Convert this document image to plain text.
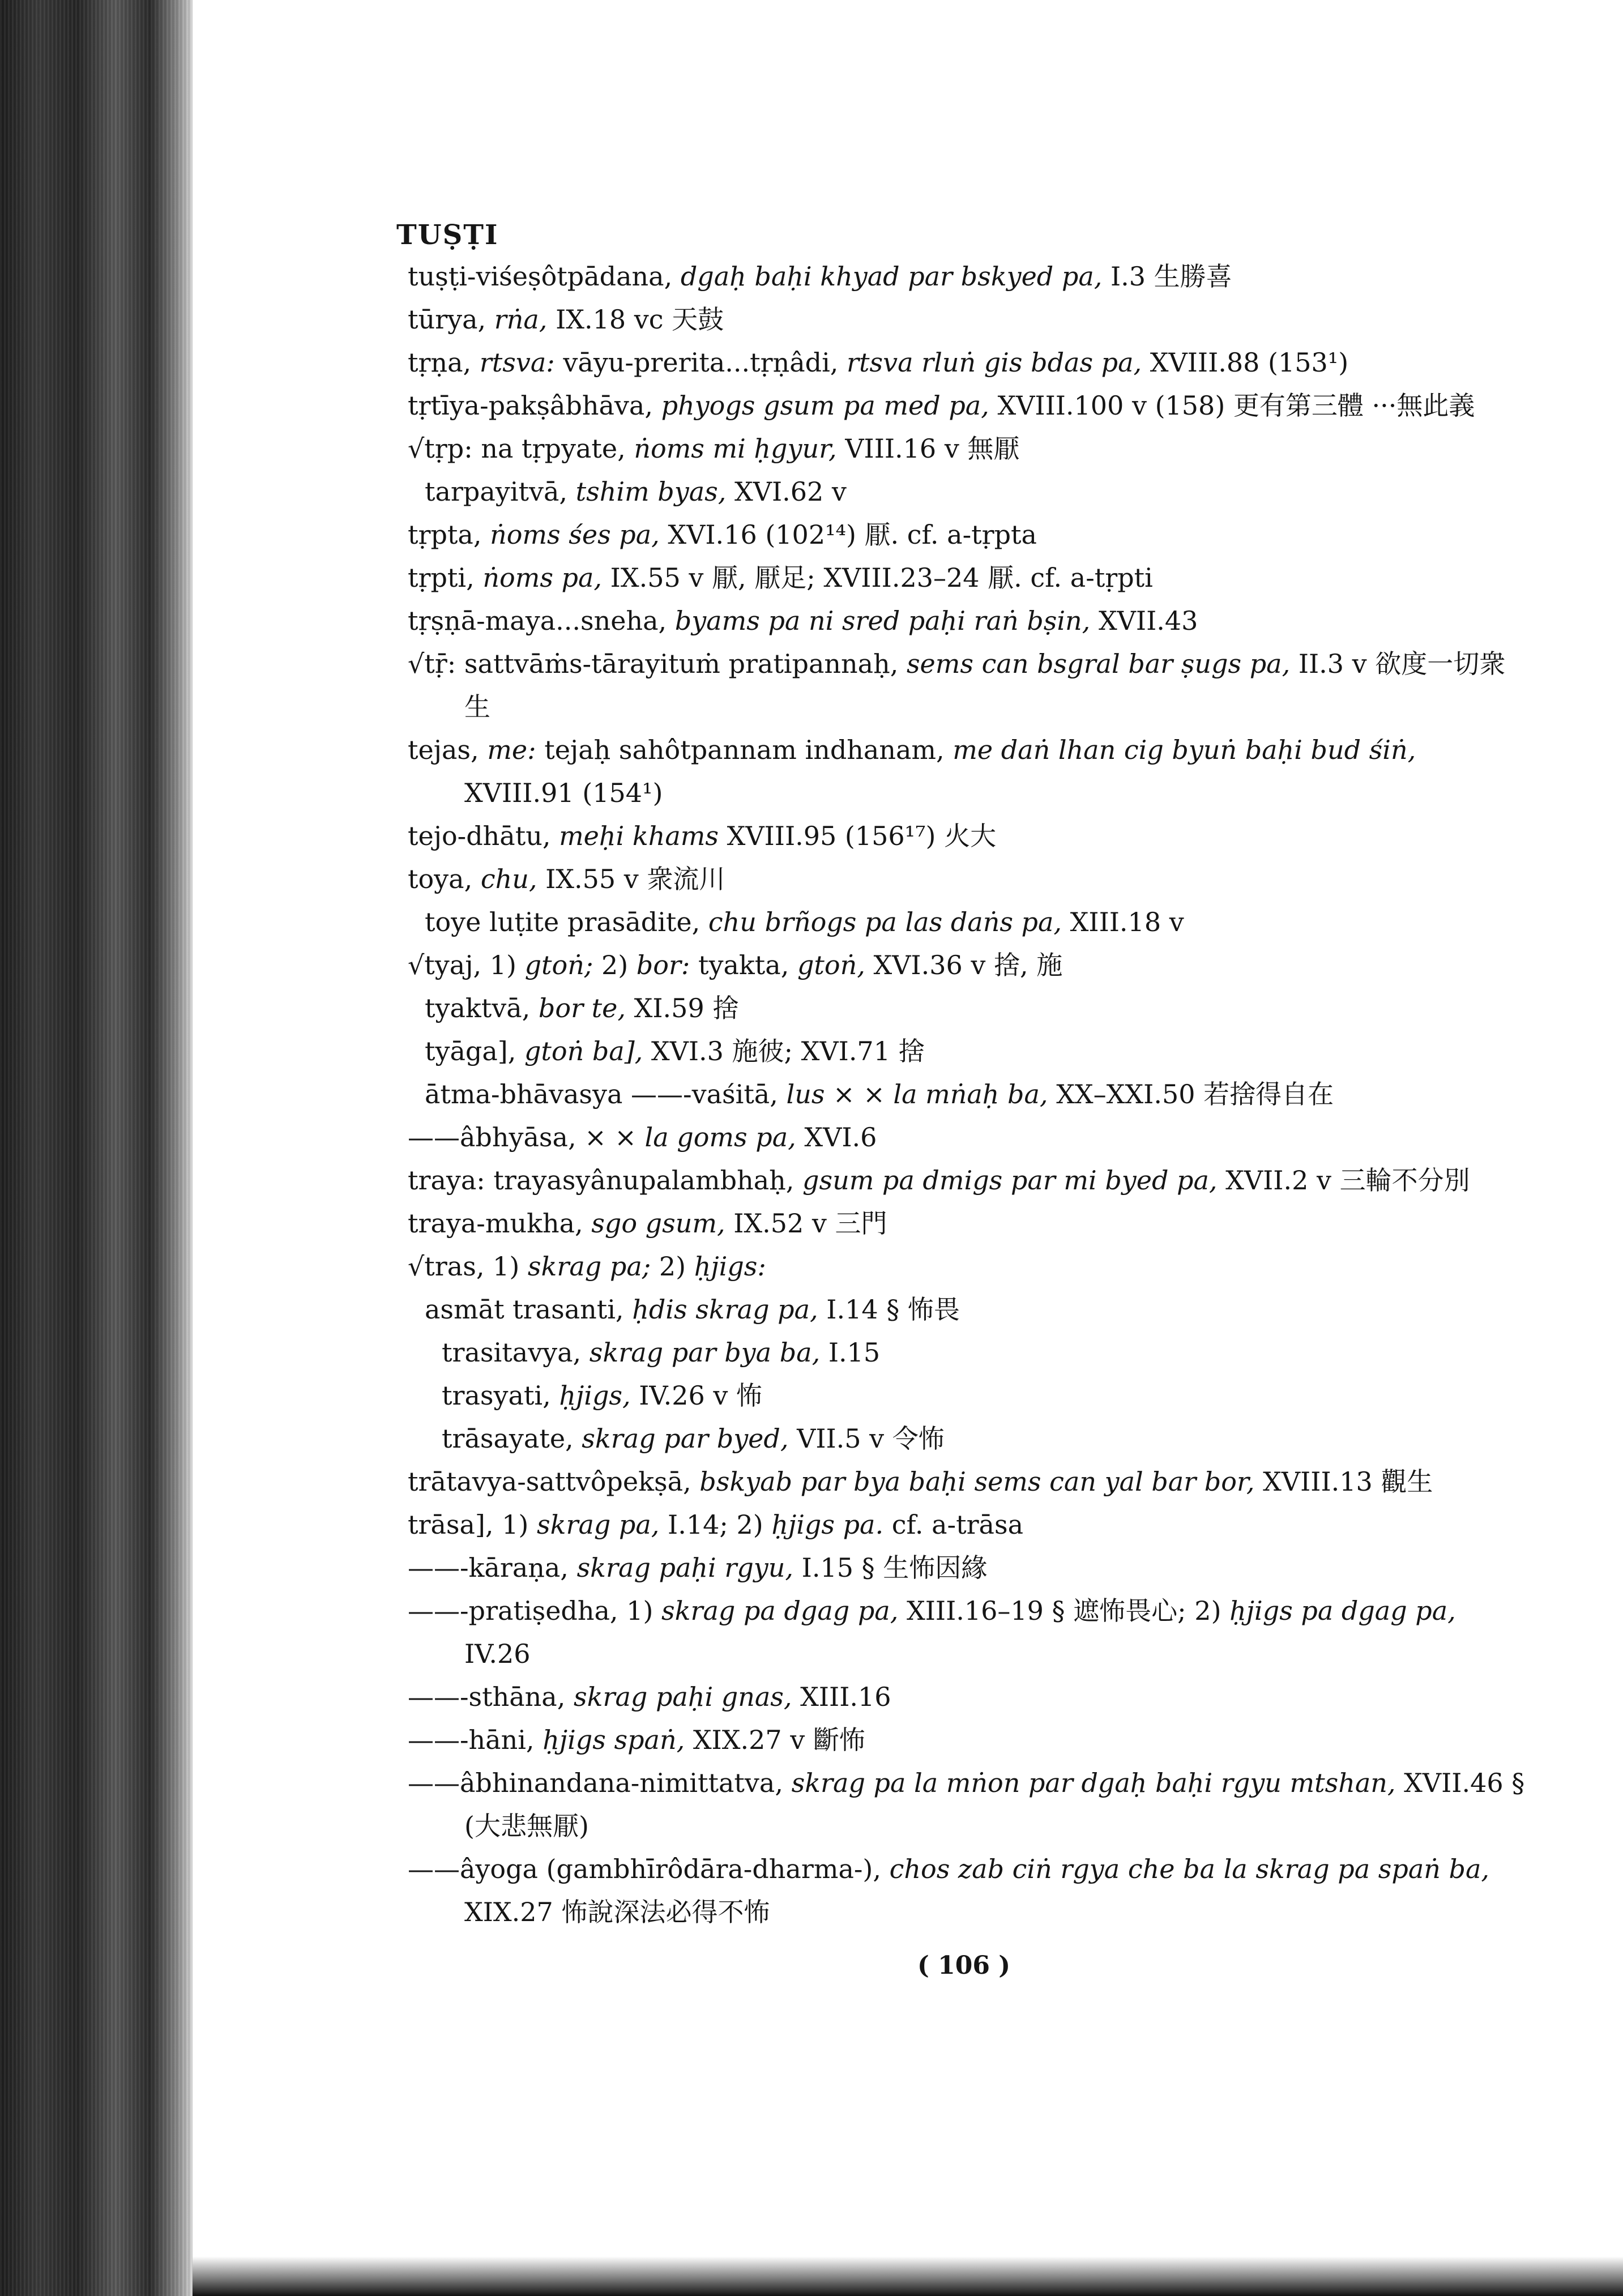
TUṢṬI
tuṣṭi-viśeṣôtpādana, dgaḥ baḥi khyad par bskyed pa, I.3 生勝喜
tūrya, rṅa, IX.18 vc 天鼓
tṛṇa, rtsva: vāyu-prerita...tṛṇâdi, rtsva rluṅ gis bdas pa, XVIII.88 (153¹)
tṛtīya-pakṣâbhāva, phyogs gsum pa med pa, XVIII.100 v (158) 更有第三體 ···無此義
√tṛp: na tṛpyate, ṅoms mi ḥgyur, VIII.16 v 無厭
tarpayitvā, tshim byas, XVI.62 v
tṛpta, ṅoms śes pa, XVI.16 (102¹⁴) 厭. cf. a-tṛpta
tṛpti, ṅoms pa, IX.55 v 厭, 厭足; XVIII.23–24 厭. cf. a-tṛpti
tṛṣṇā-maya...sneha, byams pa ni sred paḥi raṅ bṣin, XVII.43
√tṝ: sattvāṁs-tārayituṁ pratipannaḥ, sems can bsgral bar ṣugs pa, II.3 v 欲度一切衆生
tejas, me: tejaḥ sahôtpannam indhanam, me daṅ lhan cig byuṅ baḥi bud śiṅ, XVIII.91 (154¹)
tejo-dhātu, meḥi khams XVIII.95 (156¹⁷) 火大
toya, chu, IX.55 v 衆流川
toye luṭite prasādite, chu brñogs pa las daṅs pa, XIII.18 v
√tyaj, 1) gtoṅ; 2) bor: tyakta, gtoṅ, XVI.36 v 捨, 施
tyaktvā, bor te, XI.59 捨
tyāga], gtoṅ ba], XVI.3 施彼; XVI.71 捨
ātma-bhāvasya ——-vaśitā, lus × × la mṅaḥ ba, XX–XXI.50 若捨得自在
——âbhyāsa, × × la goms pa, XVI.6
traya: trayasyânupalambhaḥ, gsum pa dmigs par mi byed pa, XVII.2 v 三輪不分別
traya-mukha, sgo gsum, IX.52 v 三門
√tras, 1) skrag pa; 2) ḥjigs:
asmāt trasanti, ḥdis skrag pa, I.14 § 怖畏
trasitavya, skrag par bya ba, I.15
trasyati, ḥjigs, IV.26 v 怖
trāsayate, skrag par byed, VII.5 v 令怖
trātavya-sattvôpekṣā, bskyab par bya baḥi sems can yal bar bor, XVIII.13 觀生
trāsa], 1) skrag pa, I.14; 2) ḥjigs pa. cf. a-trāsa
——-kāraṇa, skrag paḥi rgyu, I.15 § 生怖因緣
——-pratiṣedha, 1) skrag pa dgag pa, XIII.16–19 § 遮怖畏心; 2) ḥjigs pa dgag pa, IV.26
——-sthāna, skrag paḥi gnas, XIII.16
——-hāni, ḥjigs spaṅ, XIX.27 v 斷怖
——âbhinandana-nimittatva, skrag pa la mṅon par dgaḥ baḥi rgyu mtshan, XVII.46 § (大悲無厭)
——âyoga (gambhīrôdāra-dharma-), chos zab ciṅ rgya che ba la skrag pa spaṅ ba, XIX.27 怖說深法必得不怖
( 106 )
